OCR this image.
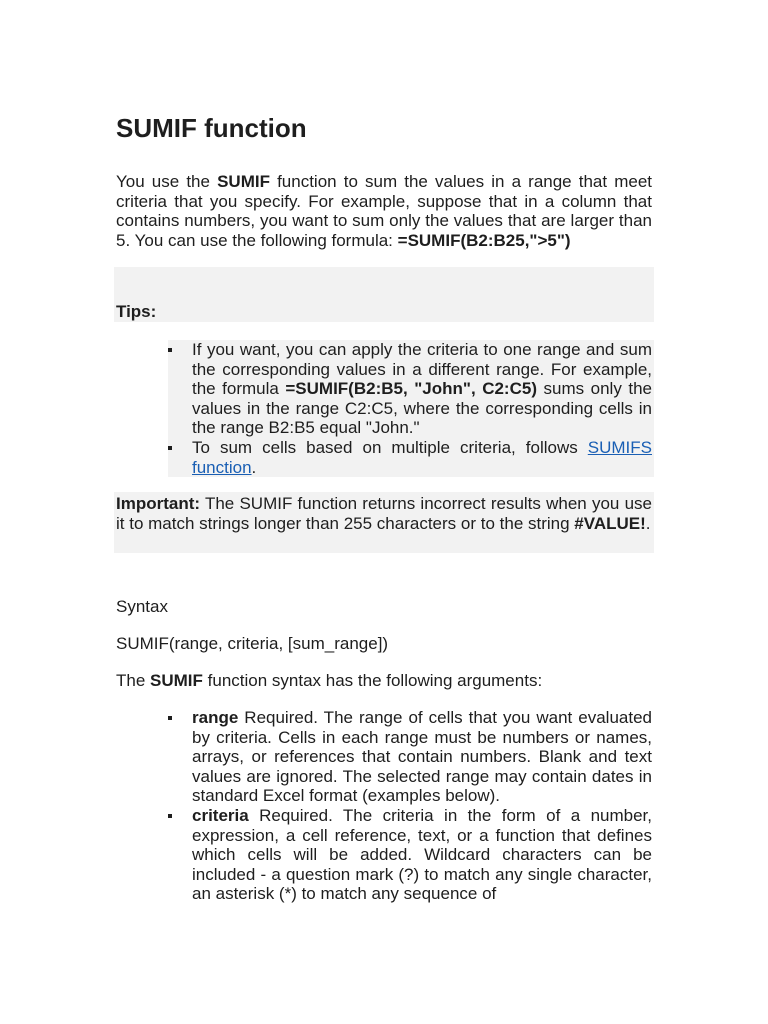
SUMIF function

You use the SUMIF function to sum the values in a range that meet criteria that you specify. For example, suppose that in a column that contains numbers, you want to sum only the values that are larger than 5. You can use the following formula: =SUMIF(B2:B25,">5")

Tips:
If you want, you can apply the criteria to one range and sum the corresponding values in a different range. For example, the formula =SUMIF(B2:B5, "John", C2:C5) sums only the values in the range C2:C5, where the corresponding cells in the range B2:B5 equal "John."
To sum cells based on multiple criteria, follows SUMIFS function.

Important: The SUMIF function returns incorrect results when you use it to match strings longer than 255 characters or to the string #VALUE!.

Syntax

SUMIF(range, criteria, [sum_range])

The SUMIF function syntax has the following arguments:

range Required. The range of cells that you want evaluated by criteria. Cells in each range must be numbers or names, arrays, or references that contain numbers. Blank and text values are ignored. The selected range may contain dates in standard Excel format (examples below).
criteria Required. The criteria in the form of a number, expression, a cell reference, text, or a function that defines which cells will be added. Wildcard characters can be included - a question mark (?) to match any single character, an asterisk (*) to match any sequence of
